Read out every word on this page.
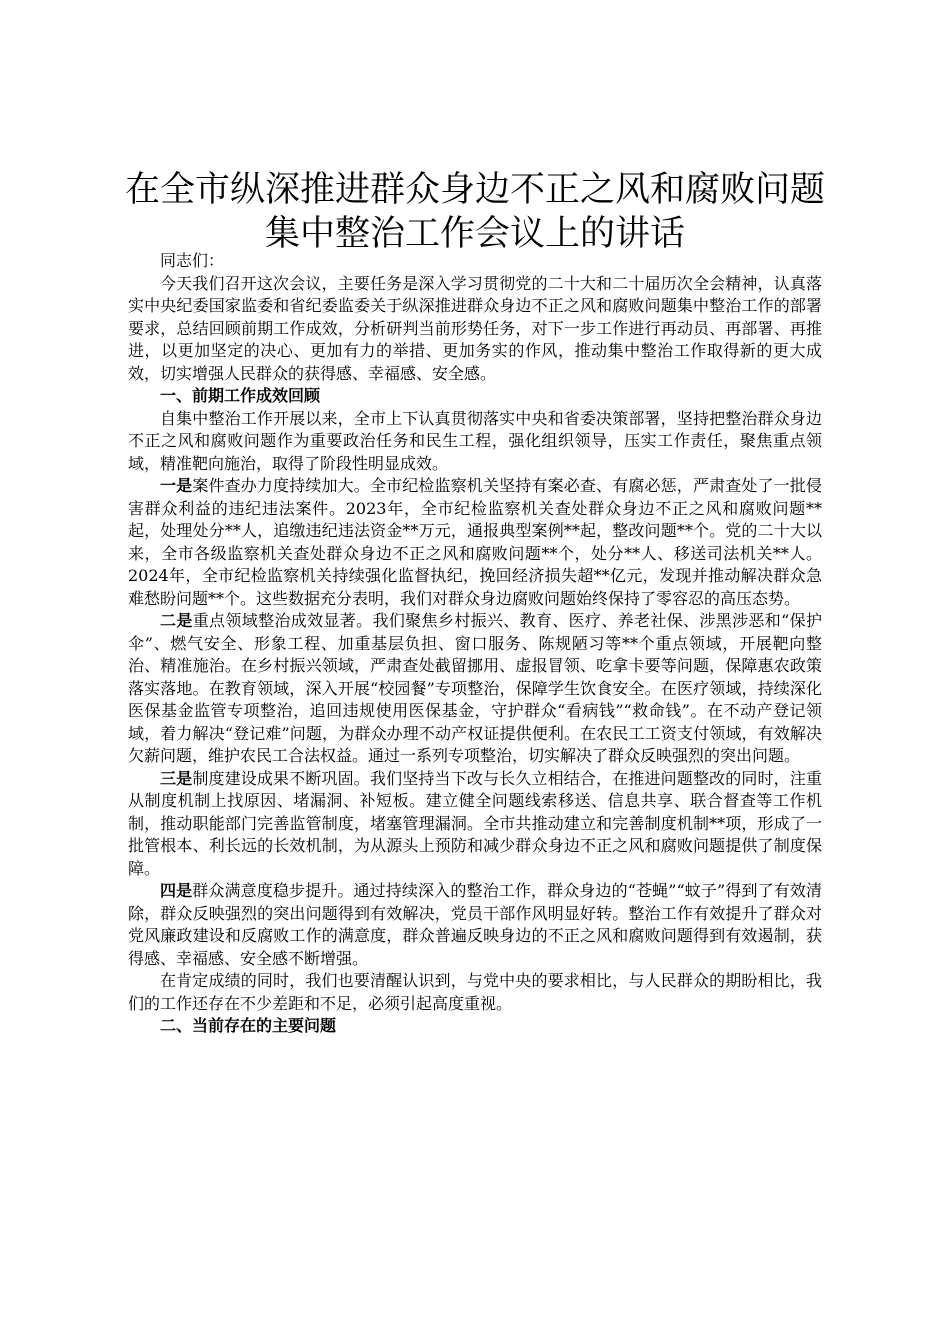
在全市纵深推进群众身边不正之风和腐败问题
集中整治工作会议上的讲话

同志们：

今天我们召开这次会议，主要任务是深入学习贯彻党的二十大和二十届历次全会精神，认真落实中央纪委国家监委和省纪委监委关于纵深推进群众身边不正之风和腐败问题集中整治工作的部署要求，总结回顾前期工作成效，分析研判当前形势任务，对下一步工作进行再动员、再部署、再推进，以更加坚定的决心、更加有力的举措、更加务实的作风，推动集中整治工作取得新的更大成效，切实增强人民群众的获得感、幸福感、安全感。

一、前期工作成效回顾

自集中整治工作开展以来，全市上下认真贯彻落实中央和省委决策部署，坚持把整治群众身边不正之风和腐败问题作为重要政治任务和民生工程，强化组织领导，压实工作责任，聚焦重点领域，精准靶向施治，取得了阶段性明显成效。

一是案件查办力度持续加大。全市纪检监察机关坚持有案必查、有腐必惩，严肃查处了一批侵害群众利益的违纪违法案件。2023年，全市纪检监察机关查处群众身边不正之风和腐败问题**起，处理处分**人，追缴违纪违法资金**万元，通报典型案例**起，整改问题**个。党的二十大以来，全市各级监察机关查处群众身边不正之风和腐败问题**个，处分**人、移送司法机关**人。2024年，全市纪检监察机关持续强化监督执纪，挽回经济损失超**亿元，发现并推动解决群众急难愁盼问题**个。这些数据充分表明，我们对群众身边腐败问题始终保持了零容忍的高压态势。

二是重点领域整治成效显著。我们聚焦乡村振兴、教育、医疗、养老社保、涉黑涉恶和“保护伞”、燃气安全、形象工程、加重基层负担、窗口服务、陈规陋习等**个重点领域，开展靶向整治、精准施治。在乡村振兴领域，严肃查处截留挪用、虚报冒领、吃拿卡要等问题，保障惠农政策落实落地。在教育领域，深入开展“校园餐”专项整治，保障学生饮食安全。在医疗领域，持续深化医保基金监管专项整治，追回违规使用医保基金，守护群众“看病钱”“救命钱”。在不动产登记领域，着力解决“登记难”问题，为群众办理不动产权证提供便利。在农民工工资支付领域，有效解决欠薪问题，维护农民工合法权益。通过一系列专项整治，切实解决了群众反映强烈的突出问题。

三是制度建设成果不断巩固。我们坚持当下改与长久立相结合，在推进问题整改的同时，注重从制度机制上找原因、堵漏洞、补短板。建立健全问题线索移送、信息共享、联合督查等工作机制，推动职能部门完善监管制度，堵塞管理漏洞。全市共推动建立和完善制度机制**项，形成了一批管根本、利长远的长效机制，为从源头上预防和减少群众身边不正之风和腐败问题提供了制度保障。

四是群众满意度稳步提升。通过持续深入的整治工作，群众身边的“苍蝇”“蚊子”得到了有效清除，群众反映强烈的突出问题得到有效解决，党员干部作风明显好转。整治工作有效提升了群众对党风廉政建设和反腐败工作的满意度，群众普遍反映身边的不正之风和腐败问题得到有效遏制，获得感、幸福感、安全感不断增强。

在肯定成绩的同时，我们也要清醒认识到，与党中央的要求相比，与人民群众的期盼相比，我们的工作还存在不少差距和不足，必须引起高度重视。

二、当前存在的主要问题
